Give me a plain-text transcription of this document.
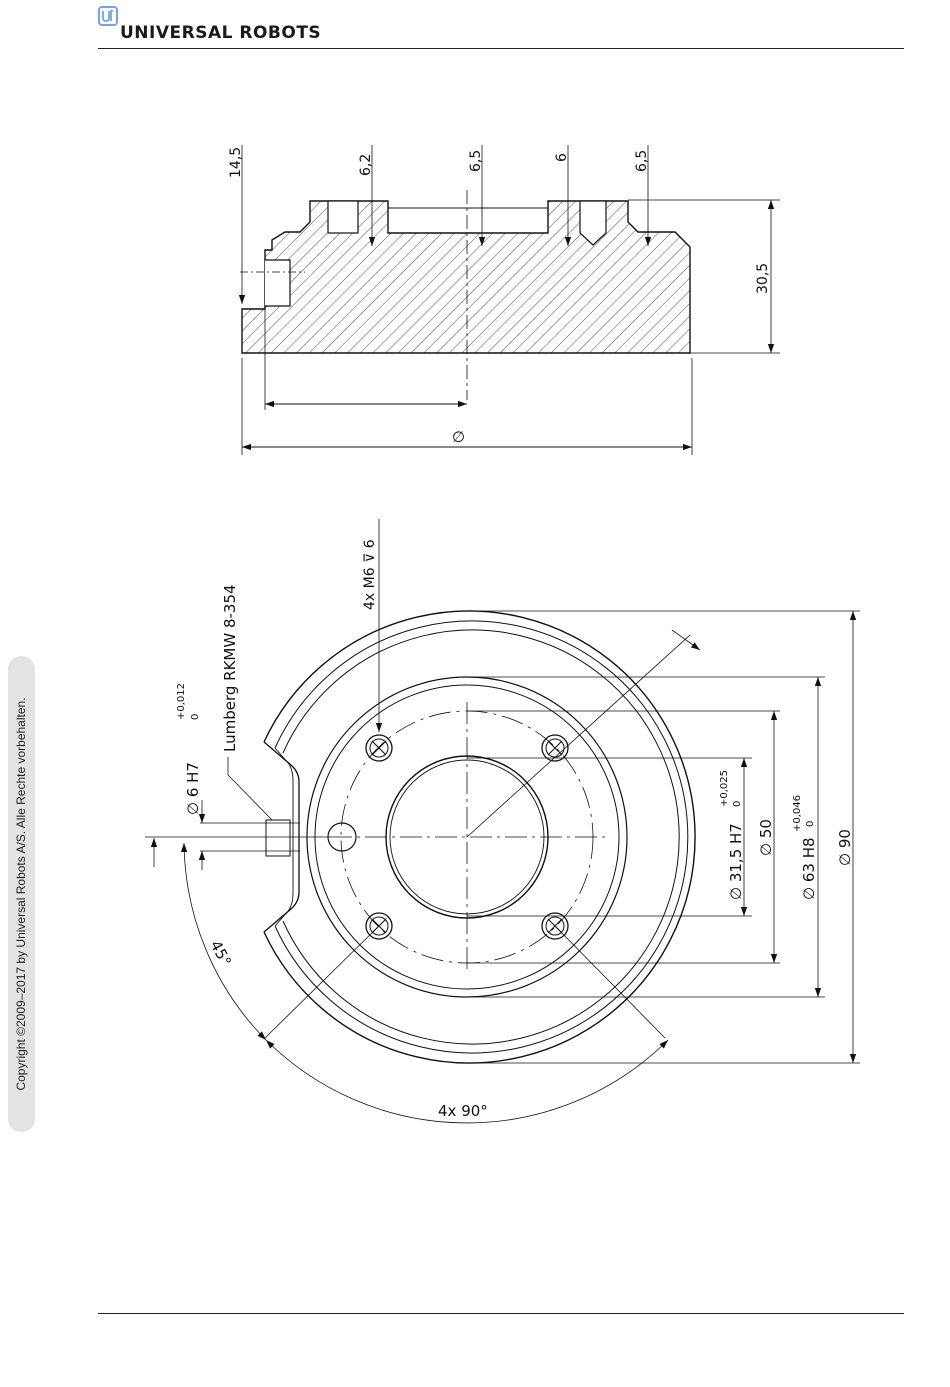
UNIVERSAL ROBOTS
Copyright ©2009–2017 by Universal Robots A/S. Alle Rechte vorbehalten.
14,5	6,2	6,5	6	6,5
30,5
∅
4x M6 ⊽ 6
Lumberg RKMW 8-354
∅ 6 H7
+0,012 0
∅ 31,5 H7
+0,025 0
∅ 50 ∅ 63 H8
+0,046 0
∅ 90
45°
4x 90°
